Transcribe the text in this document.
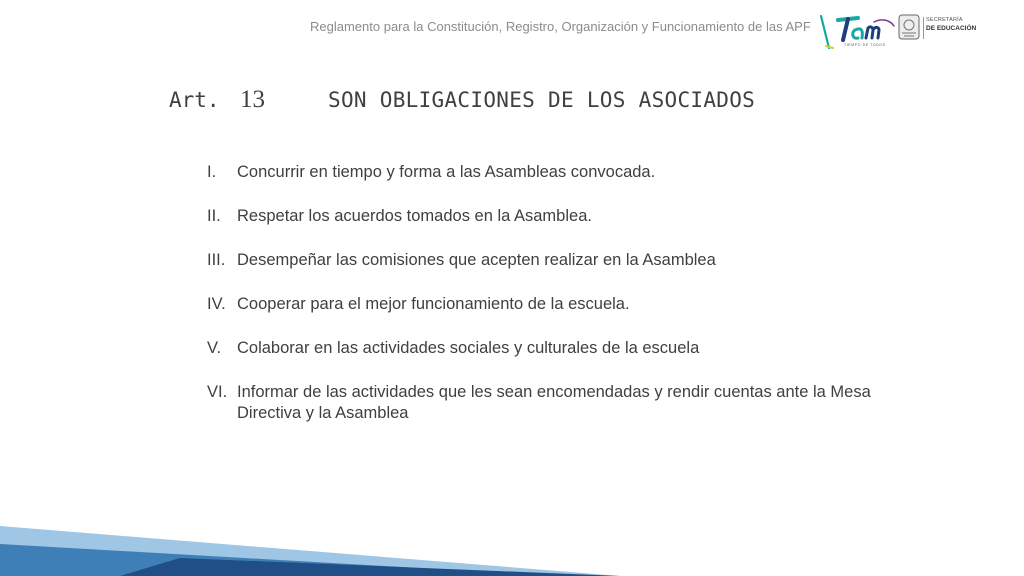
Reglamento para la Constitución, Registro, Organización y Funcionamiento de las APF
TIEMPO DE TODOS
SECRETARÍA
DE EDUCACIÓN
Art. 13	SON OBLIGACIONES DE LOS ASOCIADOS
I. Concurrir en tiempo y forma a las Asambleas convocada.
II. Respetar los acuerdos tomados en la Asamblea.
III. Desempeñar las comisiones que acepten realizar en la Asamblea
IV. Cooperar para el mejor funcionamiento de la escuela.
V. Colaborar en las actividades sociales y culturales de la escuela
VI. Informar de las actividades que les sean encomendadas y rendir cuentas ante la Mesa Directiva y la Asamblea
